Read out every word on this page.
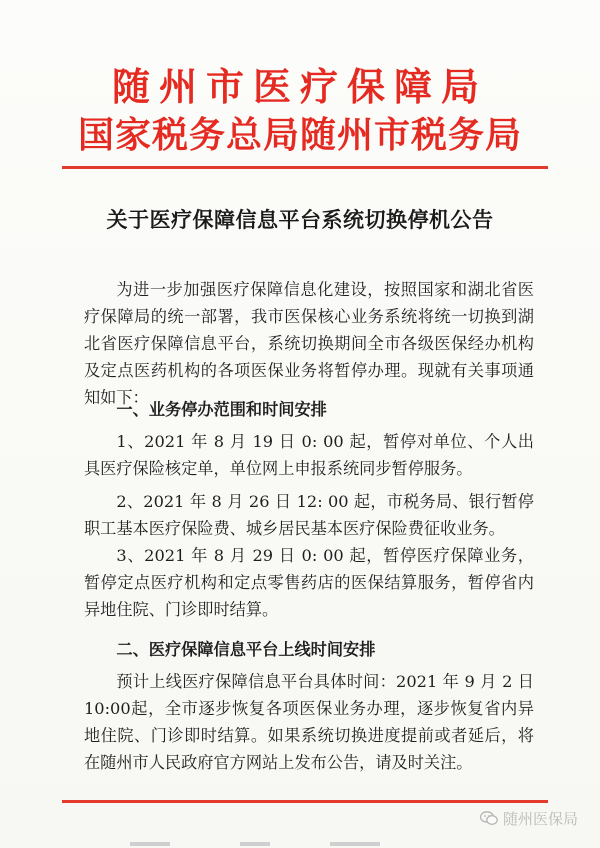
随州市医疗保障局
国家税务总局随州市税务局
关于医疗保障信息平台系统切换停机公告

为进一步加强医疗保障信息化建设，按照国家和湖北省医疗保障局的统一部署，我市医保核心业务系统将统一切换到湖北省医疗保障信息平台，系统切换期间全市各级医保经办机构及定点医药机构的各项医保业务将暂停办理。现就有关事项通知如下：

一、业务停办范围和时间安排

1、2021 年 8 月 19 日 0: 00 起，暂停对单位、个人出具医疗保险核定单，单位网上申报系统同步暂停服务。

2、2021 年 8 月 26 日 12: 00 起，市税务局、银行暂停职工基本医疗保险费、城乡居民基本医疗保险费征收业务。

3、2021 年 8 月 29 日 0: 00 起，暂停医疗保障业务，暂停定点医疗机构和定点零售药店的医保结算服务，暂停省内异地住院、门诊即时结算。

二、医疗保障信息平台上线时间安排

预计上线医疗保障信息平台具体时间：2021 年 9 月 2 日 10:00起，全市逐步恢复各项医保业务办理，逐步恢复省内异地住院、门诊即时结算。如果系统切换进度提前或者延后，将在随州市人民政府官方网站上发布公告，请及时关注。

随州医保局
